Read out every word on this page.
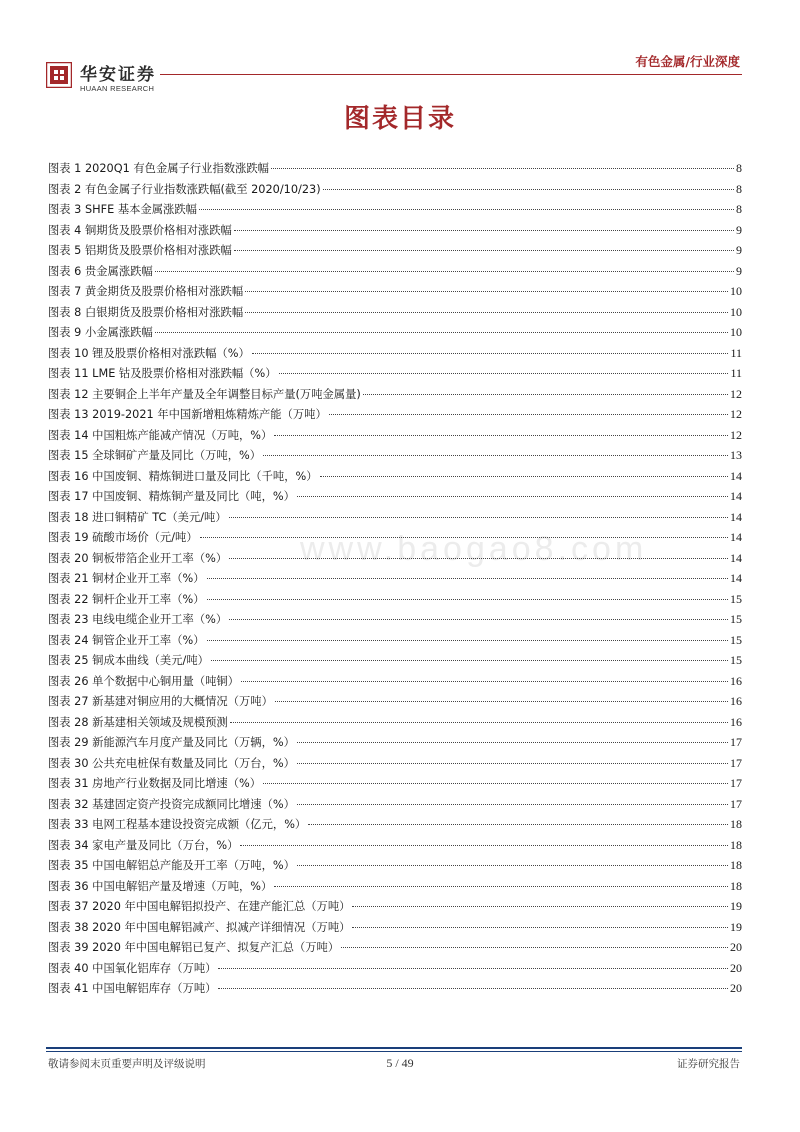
华安证券
HUAAN RESEARCH
有色金属/行业深度
www.baogao8.com
图表目录
图表 1 2020Q1 有色金属子行业指数涨跌幅	8
图表 2 有色金属子行业指数涨跌幅(截至 2020/10/23)	8
图表 3 SHFE 基本金属涨跌幅	8
图表 4 铜期货及股票价格相对涨跌幅	9
图表 5 铝期货及股票价格相对涨跌幅	9
图表 6 贵金属涨跌幅	9
图表 7 黄金期货及股票价格相对涨跌幅	10
图表 8 白银期货及股票价格相对涨跌幅	10
图表 9 小金属涨跌幅	10
图表 10 锂及股票价格相对涨跌幅（%）	11
图表 11 LME 钴及股票价格相对涨跌幅（%）	11
图表 12 主要铜企上半年产量及全年调整目标产量(万吨金属量)	12
图表 13 2019-2021 年中国新增粗炼精炼产能（万吨）	12
图表 14 中国粗炼产能减产情况（万吨，%）	12
图表 15 全球铜矿产量及同比（万吨，%）	13
图表 16 中国废铜、精炼铜进口量及同比（千吨，%）	14
图表 17 中国废铜、精炼铜产量及同比（吨，%）	14
图表 18 进口铜精矿 TC（美元/吨）	14
图表 19 硫酸市场价（元/吨）	14
图表 20 铜板带箔企业开工率（%）	14
图表 21 铜材企业开工率（%）	14
图表 22 铜杆企业开工率（%）	15
图表 23 电线电缆企业开工率（%）	15
图表 24 铜管企业开工率（%）	15
图表 25 铜成本曲线（美元/吨）	15
图表 26 单个数据中心铜用量（吨铜）	16
图表 27 新基建对铜应用的大概情况（万吨）	16
图表 28 新基建相关领域及规模预测	16
图表 29 新能源汽车月度产量及同比（万辆，%）	17
图表 30 公共充电桩保有数量及同比（万台，%）	17
图表 31 房地产行业数据及同比增速（%）	17
图表 32 基建固定资产投资完成额同比增速（%）	17
图表 33 电网工程基本建设投资完成额（亿元，%）	18
图表 34 家电产量及同比（万台，%）	18
图表 35 中国电解铝总产能及开工率（万吨，%）	18
图表 36 中国电解铝产量及增速（万吨，%）	18
图表 37 2020 年中国电解铝拟投产、在建产能汇总（万吨）	19
图表 38 2020 年中国电解铝减产、拟减产详细情况（万吨）	19
图表 39 2020 年中国电解铝已复产、拟复产汇总（万吨）	20
图表 40 中国氧化铝库存（万吨）	20
图表 41 中国电解铝库存（万吨）	20
敬请参阅末页重要声明及评级说明	5 / 49	证券研究报告
